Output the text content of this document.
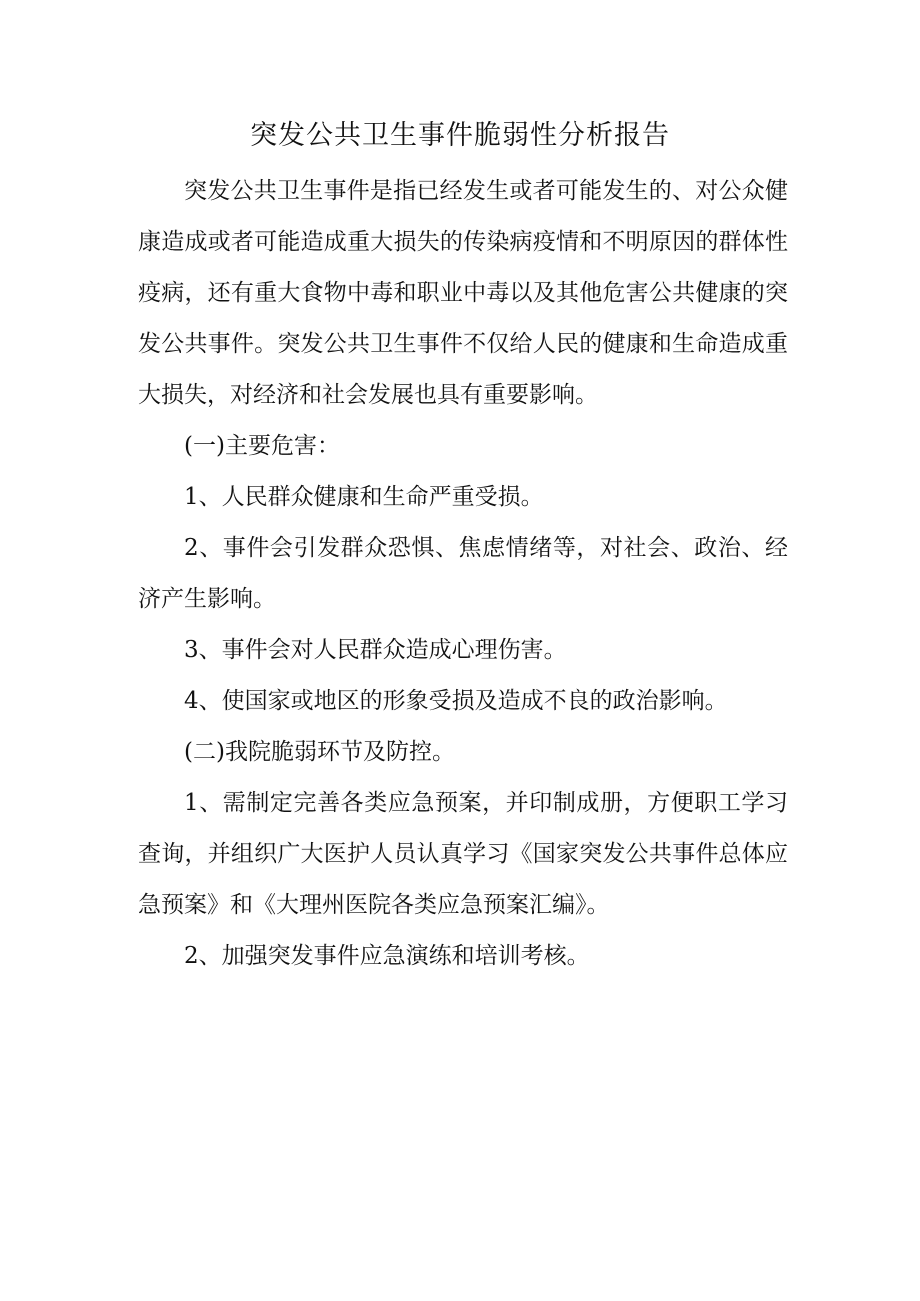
突发公共卫生事件脆弱性分析报告

突发公共卫生事件是指已经发生或者可能发生的、对公众健康造成或者可能造成重大损失的传染病疫情和不明原因的群体性疫病，还有重大食物中毒和职业中毒以及其他危害公共健康的突发公共事件。突发公共卫生事件不仅给人民的健康和生命造成重大损失，对经济和社会发展也具有重要影响。

(一)主要危害：

1、人民群众健康和生命严重受损。

2、事件会引发群众恐惧、焦虑情绪等，对社会、政治、经济产生影响。

3、事件会对人民群众造成心理伤害。

4、使国家或地区的形象受损及造成不良的政治影响。

(二)我院脆弱环节及防控。

1、需制定完善各类应急预案，并印制成册，方便职工学习查询，并组织广大医护人员认真学习《国家突发公共事件总体应急预案》和《大理州医院各类应急预案汇编》。

2、加强突发事件应急演练和培训考核。
